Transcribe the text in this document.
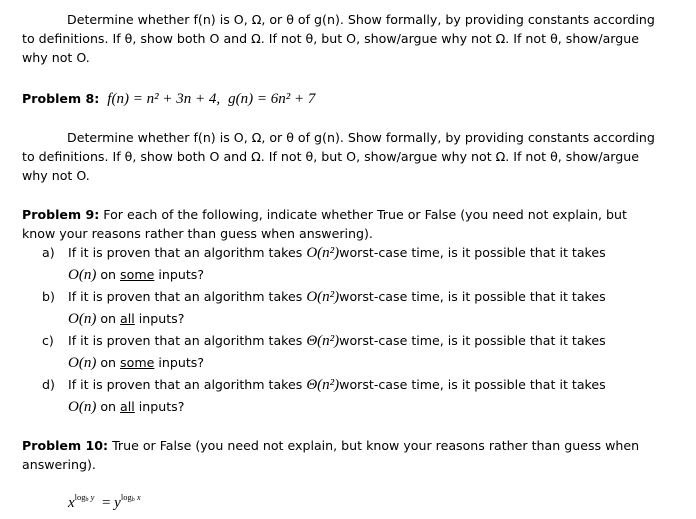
Determine whether f(n) is O, Ω, or θ of g(n). Show formally, by providing constants according to definitions. If θ, show both O and Ω. If not θ, but O, show/argue why not Ω. If not θ, show/argue why not O.
Problem 8: f(n) = n² + 3n + 4, g(n) = 6n² + 7
Determine whether f(n) is O, Ω, or θ of g(n). Show formally, by providing constants according to definitions. If θ, show both O and Ω. If not θ, but O, show/argue why not Ω. If not θ, show/argue why not O.
Problem 9: For each of the following, indicate whether True or False (you need not explain, but know your reasons rather than guess when answering).
a) If it is proven that an algorithm takes O(n²)worst-case time, is it possible that it takes
O(n) on some inputs?
b) If it is proven that an algorithm takes O(n²)worst-case time, is it possible that it takes
O(n) on all inputs?
c) If it is proven that an algorithm takes Θ(n²)worst-case time, is it possible that it takes
O(n) on some inputs?
d) If it is proven that an algorithm takes Θ(n²)worst-case time, is it possible that it takes
O(n) on all inputs?
Problem 10: True or False (you need not explain, but know your reasons rather than guess when answering).
$x^{log_b y} = y^{log_b x}$
